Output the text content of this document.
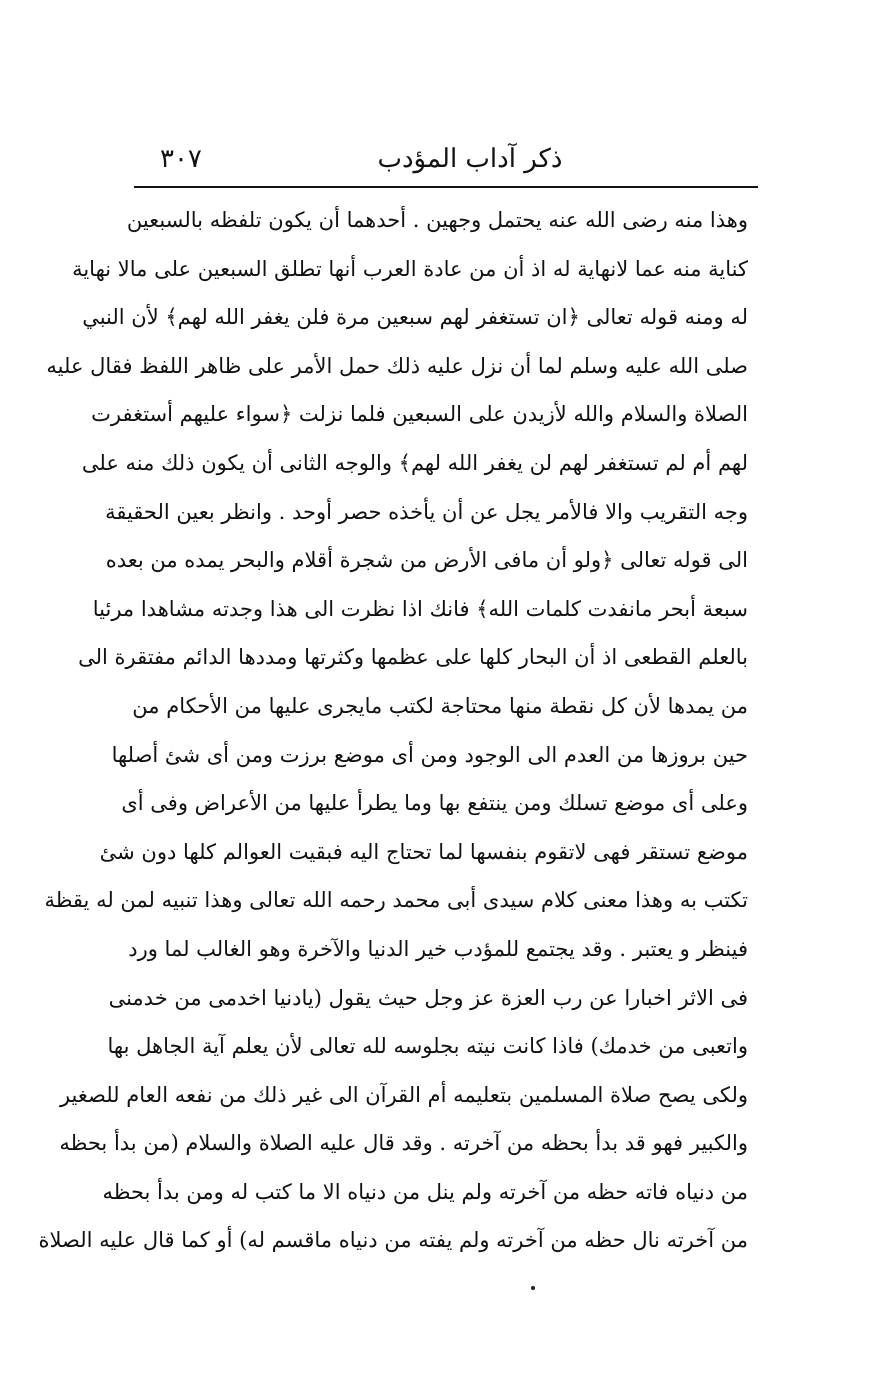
٣٠٧	ذكر آداب المؤدب
وهذا منه رضى الله عنه يحتمل وجهين . أحدهما أن يكون تلفظه بالسبعين
كناية منه عما لانهاية له اذ أن من عادة العرب أنها تطلق السبعين على مالا نهاية
له ومنه قوله تعالى ﴿ان تستغفر لهم سبعين مرة فلن يغفر الله لهم﴾ لأن النبي
صلى الله عليه وسلم لما أن نزل عليه ذلك حمل الأمر على ظاهر اللفظ فقال عليه
الصلاة والسلام والله لأزيدن على السبعين فلما نزلت ﴿سواء عليهم أستغفرت
لهم أم لم تستغفر لهم لن يغفر الله لهم﴾ والوجه الثانى أن يكون ذلك منه على
وجه التقريب والا فالأمر يجل عن أن يأخذه حصر أوحد . وانظر بعين الحقيقة
الى قوله تعالى ﴿ولو أن مافى الأرض من شجرة أقلام والبحر يمده من بعده
سبعة أبحر مانفدت كلمات الله﴾ فانك اذا نظرت الى هذا وجدته مشاهدا مرئيا
بالعلم القطعى اذ أن البحار كلها على عظمها وكثرتها ومددها الدائم مفتقرة الى
من يمدها لأن كل نقطة منها محتاجة لكتب مايجرى عليها من الأحكام من
حين بروزها من العدم الى الوجود ومن أى موضع برزت ومن أى شئ أصلها
وعلى أى موضع تسلك ومن ينتفع بها وما يطرأ عليها من الأعراض وفى أى
موضع تستقر فهى لاتقوم بنفسها لما تحتاج اليه فبقيت العوالم كلها دون شئ
تكتب به وهذا معنى كلام سيدى أبى محمد رحمه الله تعالى وهذا تنبيه لمن له يقظة
فينظر و يعتبر . وقد يجتمع للمؤدب خير الدنيا والآخرة وهو الغالب لما ورد
فى الاثر اخبارا عن رب العزة عز وجل حيث يقول (يادنيا اخدمى من خدمنى
واتعبى من خدمك) فاذا كانت نيته بجلوسه لله تعالى لأن يعلم آية الجاهل بها
ولكى يصح صلاة المسلمين بتعليمه أم القرآن الى غير ذلك من نفعه العام للصغير
والكبير فهو قد بدأ بحظه من آخرته . وقد قال عليه الصلاة والسلام (من بدأ بحظه
من دنياه فاته حظه من آخرته ولم ينل من دنياه الا ما كتب له ومن بدأ بحظه
من آخرته نال حظه من آخرته ولم يفته من دنياه ماقسم له) أو كما قال عليه الصلاة
